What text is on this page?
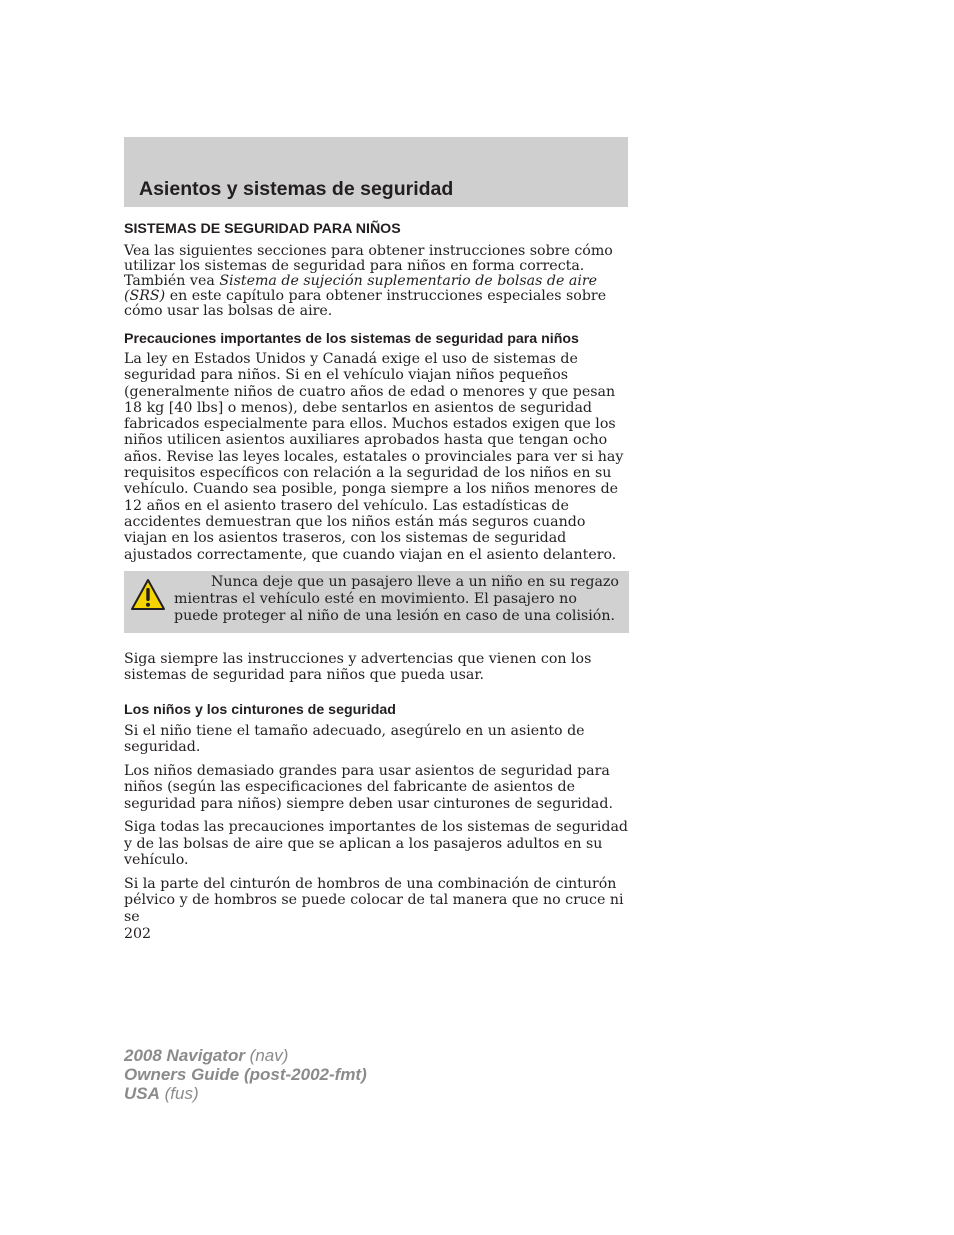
Asientos y sistemas de seguridad
SISTEMAS DE SEGURIDAD PARA NIÑOS

Vea las siguientes secciones para obtener instrucciones sobre cómo utilizar los sistemas de seguridad para niños en forma correcta. También vea Sistema de sujeción suplementario de bolsas de aire (SRS) en este capítulo para obtener instrucciones especiales sobre cómo usar las bolsas de aire.

Precauciones importantes de los sistemas de seguridad para niños

La ley en Estados Unidos y Canadá exige el uso de sistemas de seguridad para niños. Si en el vehículo viajan niños pequeños (generalmente niños de cuatro años de edad o menores y que pesan 18 kg [40 lbs] o menos), debe sentarlos en asientos de seguridad fabricados especialmente para ellos. Muchos estados exigen que los niños utilicen asientos auxiliares aprobados hasta que tengan ocho años. Revise las leyes locales, estatales o provinciales para ver si hay requisitos específicos con relación a la seguridad de los niños en su vehículo. Cuando sea posible, ponga siempre a los niños menores de 12 años en el asiento trasero del vehículo. Las estadísticas de accidentes demuestran que los niños están más seguros cuando viajan en los asientos traseros, con los sistemas de seguridad ajustados correctamente, que cuando viajan en el asiento delantero.

Nunca deje que un pasajero lleve a un niño en su regazo mientras el vehículo esté en movimiento. El pasajero no puede proteger al niño de una lesión en caso de una colisión.

Siga siempre las instrucciones y advertencias que vienen con los sistemas de seguridad para niños que pueda usar.

Los niños y los cinturones de seguridad

Si el niño tiene el tamaño adecuado, asegúrelo en un asiento de seguridad.

Los niños demasiado grandes para usar asientos de seguridad para niños (según las especificaciones del fabricante de asientos de seguridad para niños) siempre deben usar cinturones de seguridad.

Siga todas las precauciones importantes de los sistemas de seguridad y de las bolsas de aire que se aplican a los pasajeros adultos en su vehículo.

Si la parte del cinturón de hombros de una combinación de cinturón pélvico y de hombros se puede colocar de tal manera que no cruce ni se

202
2008 Navigator (nav)
Owners Guide (post-2002-fmt)
USA (fus)
